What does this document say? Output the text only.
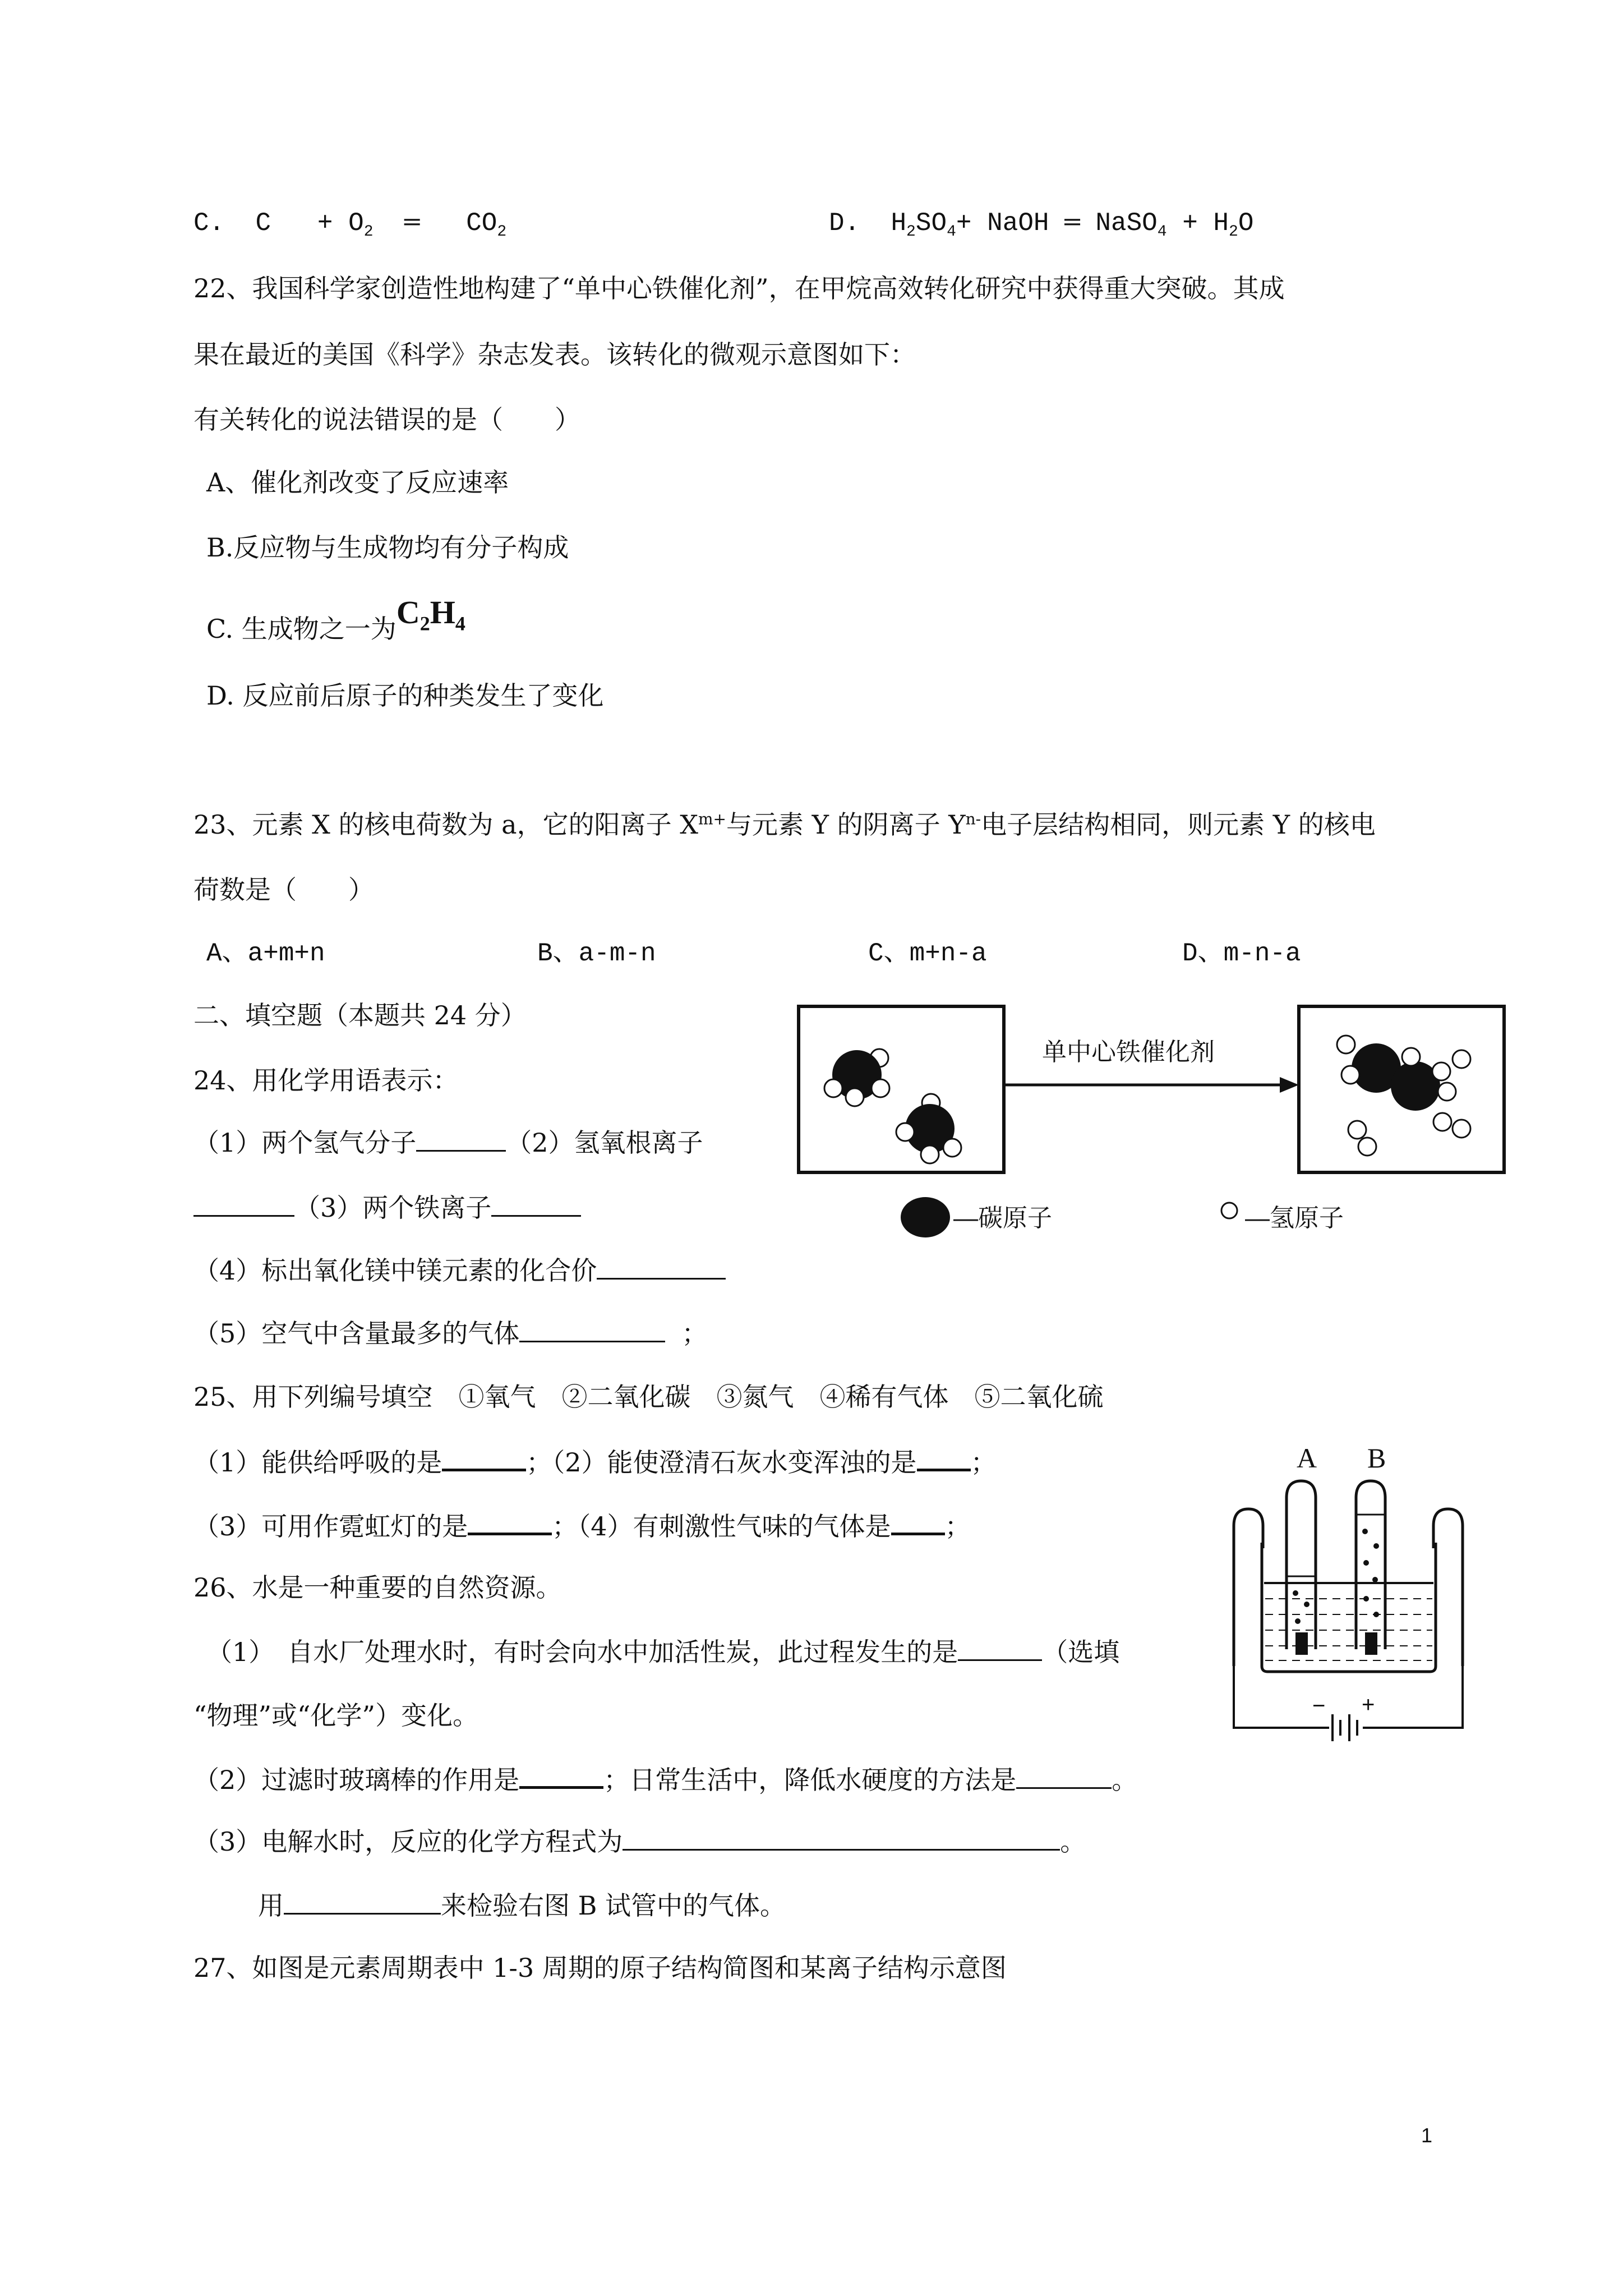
C. $C + O_2$ ═ $CO_2$	D. $H_2SO_4+$ NaOH ═ NaSO$_4$ + $H_2O$
22、我国科学家创造性地构建了“单中心铁催化剂”，在甲烷高效转化研究中获得重大突破。其成
果在最近的美国《科学》杂志发表。该转化的微观示意图如下：
有关转化的说法错误的是（　　）
A、催化剂改变了反应速率
B.反应物与生成物均有分子构成
C. 生成物之一为$C_2H_4$
D. 反应前后原子的种类发生了变化
23、元素 X 的核电荷数为 a，它的阳离子 $X^{m+}$与元素 Y 的阴离子 $Y^{n-}$电子层结构相同，则元素 Y 的核电
荷数是（　　）
A、a+m+n	B、a-m-n	C、m+n-a	D、m-n-a
二、填空题（本题共 24 分）
24、用化学用语表示：
（1）两个氢气分子	（2）氢氧根离子
（3）两个铁离子
（4）标出氧化镁中镁元素的化合价
（5）空气中含量最多的气体	；
25、用下列编号填空　①氧气　②二氧化碳　③氮气　④稀有气体　⑤二氧化硫
（1）能供给呼吸的是	；（2）能使澄清石灰水变浑浊的是 ；
（3）可用作霓虹灯的是	；（4）有刺激性气味的气体是 ；
26、水是一种重要的自然资源。
（1）　自水厂处理水时，有时会向水中加活性炭，此过程发生的是	（选填
“物理”或“化学”）变化。
（2）过滤时玻璃棒的作用是	；日常生活中，降低水硬度的方法是	。
（3）电解水时，反应的化学方程式为	。
用	来检验右图 B 试管中的气体。
27、如图是元素周期表中 1-3 周期的原子结构简图和某离子结构示意图
单中心铁催化剂
—碳原子	—氢原子
A B
− +
1
